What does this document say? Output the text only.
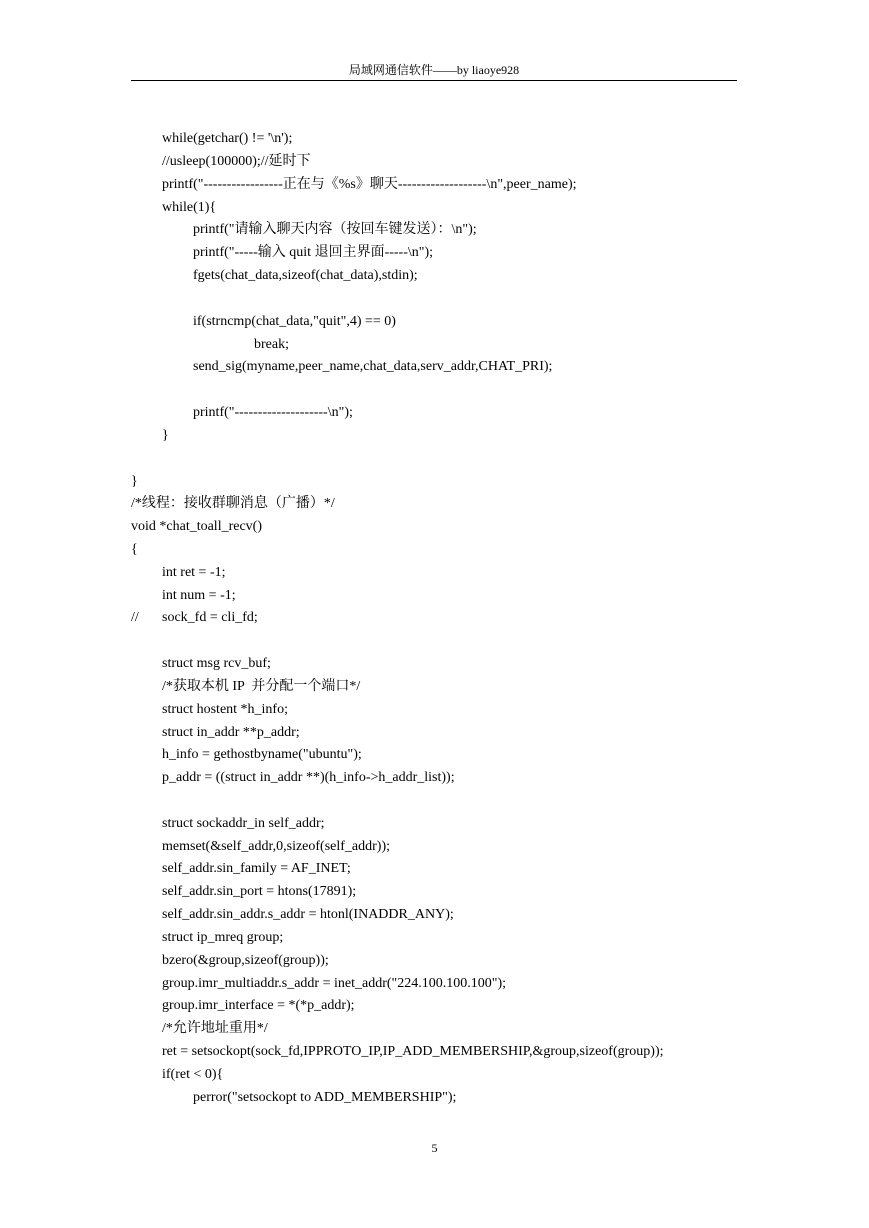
局域网通信软件——by liaoye928
while(getchar() != '\n');
//usleep(100000);//延时下
printf("-----------------正在与《%s》聊天-------------------\n",peer_name);
while(1){
printf("请输入聊天内容（按回车键发送）：\n");
printf("-----输入 quit 退回主界面-----\n");
fgets(chat_data,sizeof(chat_data),stdin);
if(strncmp(chat_data,"quit",4) == 0)
break;
send_sig(myname,peer_name,chat_data,serv_addr,CHAT_PRI);
printf("--------------------\n");
}
}
/*线程：接收群聊消息（广播）*/
void *chat_toall_recv()
{
int ret = -1;
int num = -1;
// sock_fd = cli_fd;
struct msg rcv_buf;
/*获取本机 IP  并分配一个端口*/
struct hostent *h_info;
struct in_addr **p_addr;
h_info = gethostbyname("ubuntu");
p_addr = ((struct in_addr **)(h_info->h_addr_list));
struct sockaddr_in self_addr;
memset(&self_addr,0,sizeof(self_addr));
self_addr.sin_family = AF_INET;
self_addr.sin_port = htons(17891);
self_addr.sin_addr.s_addr = htonl(INADDR_ANY);
struct ip_mreq group;
bzero(&group,sizeof(group));
group.imr_multiaddr.s_addr = inet_addr("224.100.100.100");
group.imr_interface = *(*p_addr);
/*允许地址重用*/
ret = setsockopt(sock_fd,IPPROTO_IP,IP_ADD_MEMBERSHIP,&group,sizeof(group));
if(ret < 0){
perror("setsockopt to ADD_MEMBERSHIP");
5
